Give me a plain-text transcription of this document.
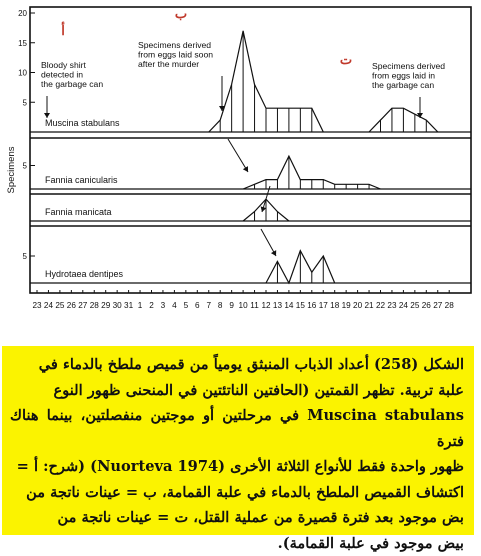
Specimens
5
10
15
20
Muscina stabulans
5
Fannia canicularis
Fannia manicata
5
Hydrotaea dentipes
23 24 25 26 27 28 29 30 31 1 2 3 4 5 6 7 8 9 10 11 12 13 14 15 16 17 18 19 20 21 22 23 24 25 26 27 28
Bloody shirt
detected in
the garbage can
أ
Specimens derived
from eggs laid soon
after the murder
ب
Specimens derived
from eggs laid in
the garbage can
ت
الشكل (258) أعداد الذباب المنبثق يومياً من قميص ملطخ بالدماء في
علبة تربية. تظهر القمتين (الحافتين الناتئتين في المنحنى ظهور النوع
Muscina stabulans في مرحلتين أو موجتين منفصلتين، بينما هناك فترة
ظهور واحدة فقط للأنواع الثلاثة الأخرى (1974 Nuorteva) (شرح: أ =
اكتشاف القميص الملطخ بالدماء في علبة القمامة، ب = عينات ناتجة من
بض موجود بعد فترة قصيرة من عملية القتل، ت = عينات ناتجة من
بيض موجود في علبة القمامة).
